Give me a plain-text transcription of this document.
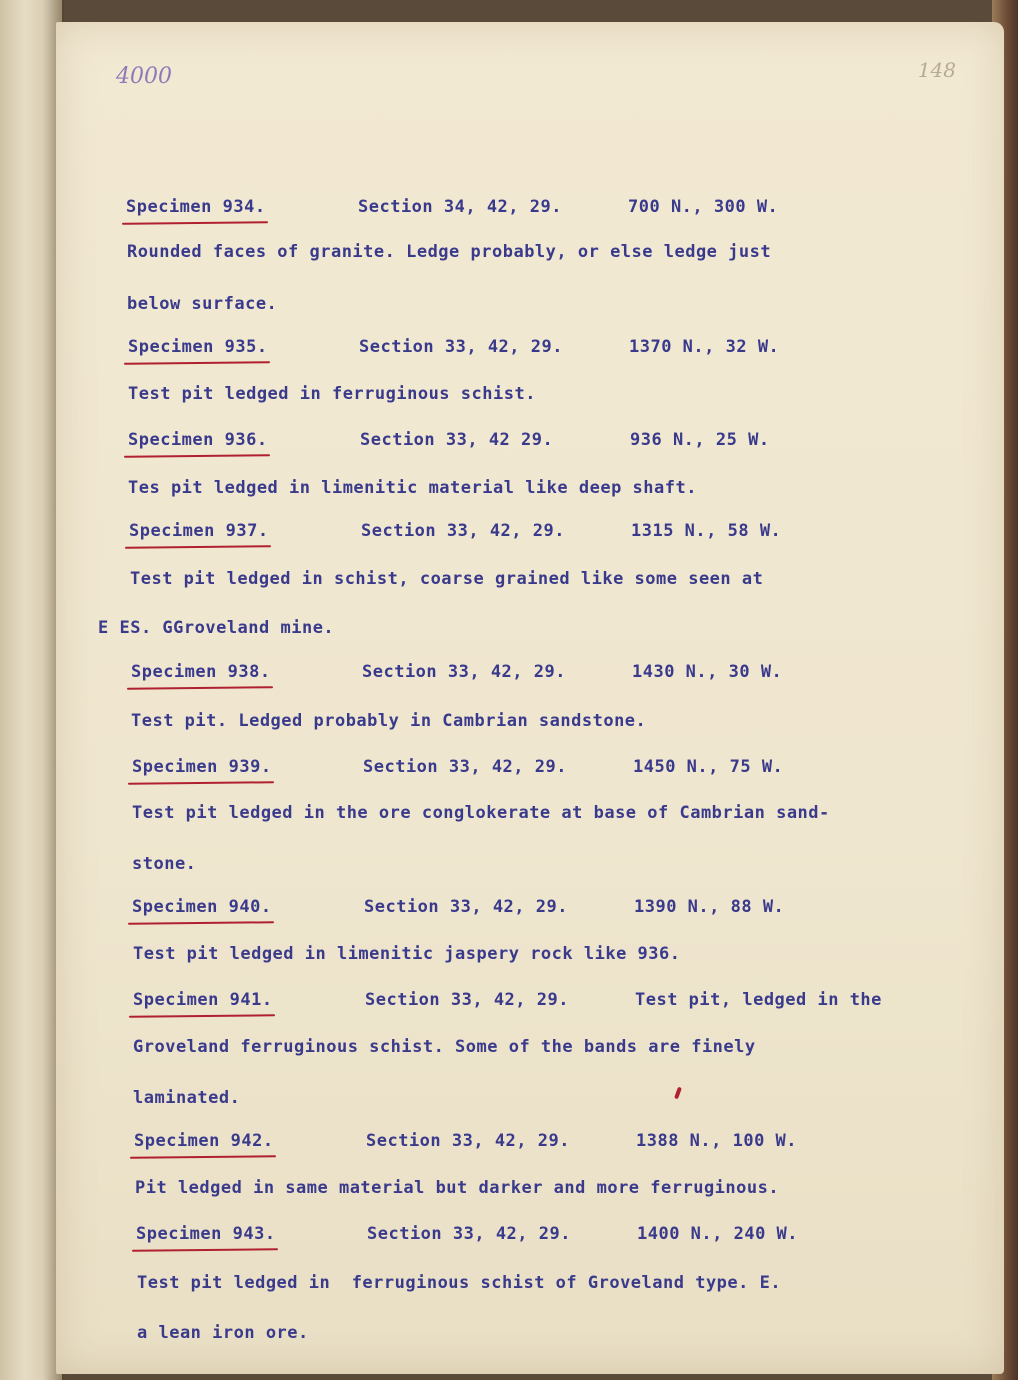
4000	148
Specimen 934.	Section 34, 42, 29.	700 N., 300 W.
Rounded faces of granite. Ledge probably, or else ledge just
below surface.
Specimen 935.	Section 33, 42, 29.	1370 N., 32 W.
Test pit ledged in ferruginous schist.
Specimen 936.	Section 33, 42 29.	936 N., 25 W.
Tes pit ledged in limenitic material like deep shaft.
Specimen 937.	Section 33, 42, 29.	1315 N., 58 W.
Test pit ledged in schist, coarse grained like some seen at
E ES. GGroveland mine.
Specimen 938.	Section 33, 42, 29.	1430 N., 30 W.
Test pit. Ledged probably in Cambrian sandstone.
Specimen 939.	Section 33, 42, 29.	1450 N., 75 W.
Test pit ledged in the ore conglokerate at base of Cambrian sand-
stone.
Specimen 940.	Section 33, 42, 29.	1390 N., 88 W.
Test pit ledged in limenitic jaspery rock like 936.
Specimen 941.	Section 33, 42, 29.	Test pit, ledged in the
Groveland ferruginous schist. Some of the bands are finely
laminated.
Specimen 942.	Section 33, 42, 29.	1388 N., 100 W.
Pit ledged in same material but darker and more ferruginous.
Specimen 943.	Section 33, 42, 29.	1400 N., 240 W.
Test pit ledged in  ferruginous schist of Groveland type. E.
a lean iron ore.
